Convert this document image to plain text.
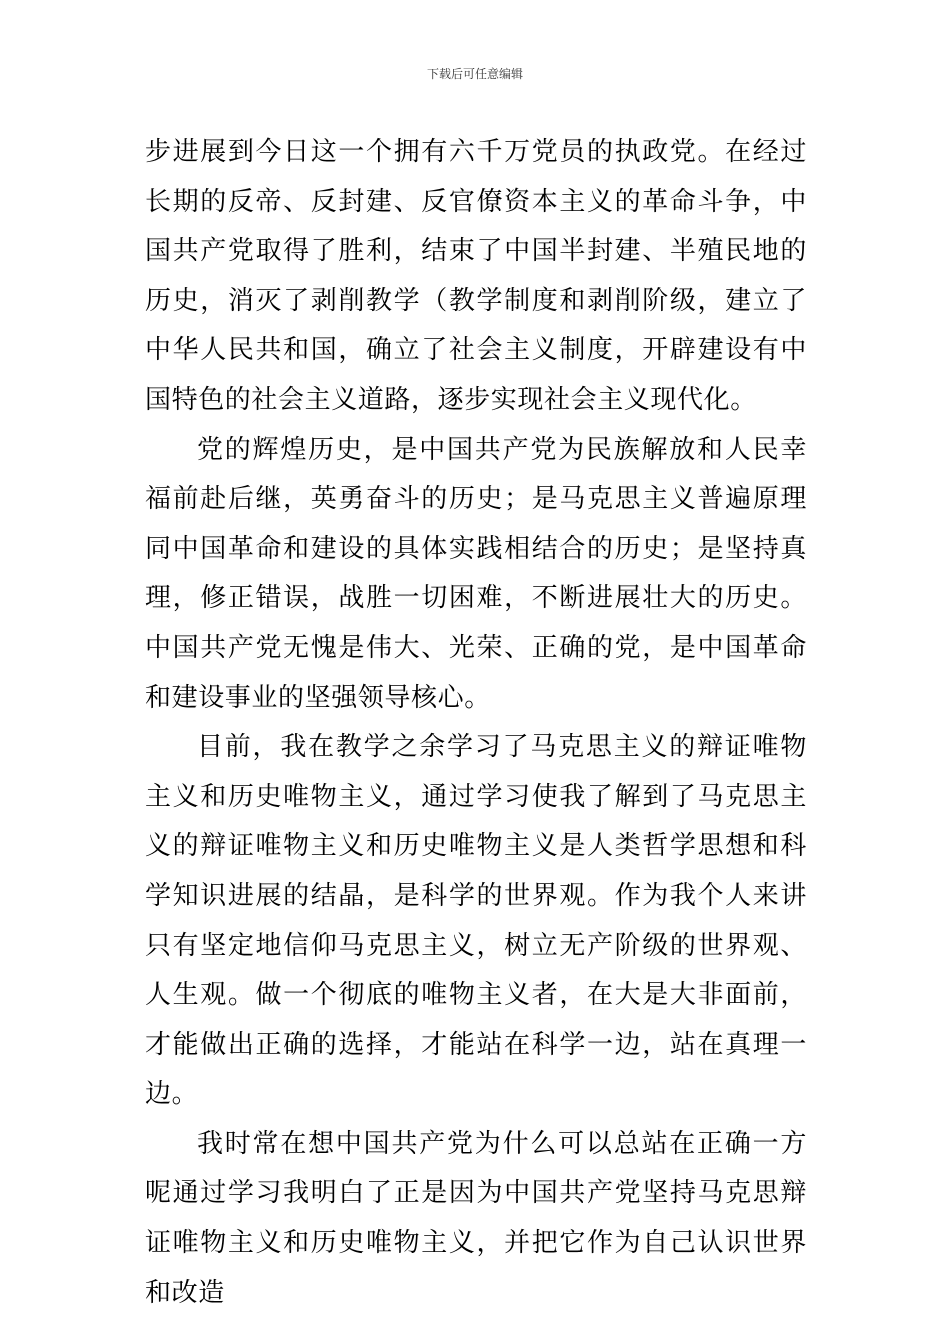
下载后可任意编辑

步进展到今日这一个拥有六千万党员的执政党。在经过长期的反帝、反封建、反官僚资本主义的革命斗争，中国共产党取得了胜利，结束了中国半封建、半殖民地的历史，消灭了剥削教学（教学制度和剥削阶级，建立了中华人民共和国，确立了社会主义制度，开辟建设有中国特色的社会主义道路，逐步实现社会主义现代化。

党的辉煌历史，是中国共产党为民族解放和人民幸福前赴后继，英勇奋斗的历史；是马克思主义普遍原理同中国革命和建设的具体实践相结合的历史；是坚持真理，修正错误，战胜一切困难，不断进展壮大的历史。中国共产党无愧是伟大、光荣、正确的党，是中国革命和建设事业的坚强领导核心。

目前，我在教学之余学习了马克思主义的辩证唯物主义和历史唯物主义，通过学习使我了解到了马克思主义的辩证唯物主义和历史唯物主义是人类哲学思想和科学知识进展的结晶，是科学的世界观。作为我个人来讲只有坚定地信仰马克思主义，树立无产阶级的世界观、人生观。做一个彻底的唯物主义者，在大是大非面前，才能做出正确的选择，才能站在科学一边，站在真理一边。

我时常在想中国共产党为什么可以总站在正确一方呢通过学习我明白了正是因为中国共产党坚持马克思辩证唯物主义和历史唯物主义，并把它作为自己认识世界和改造
